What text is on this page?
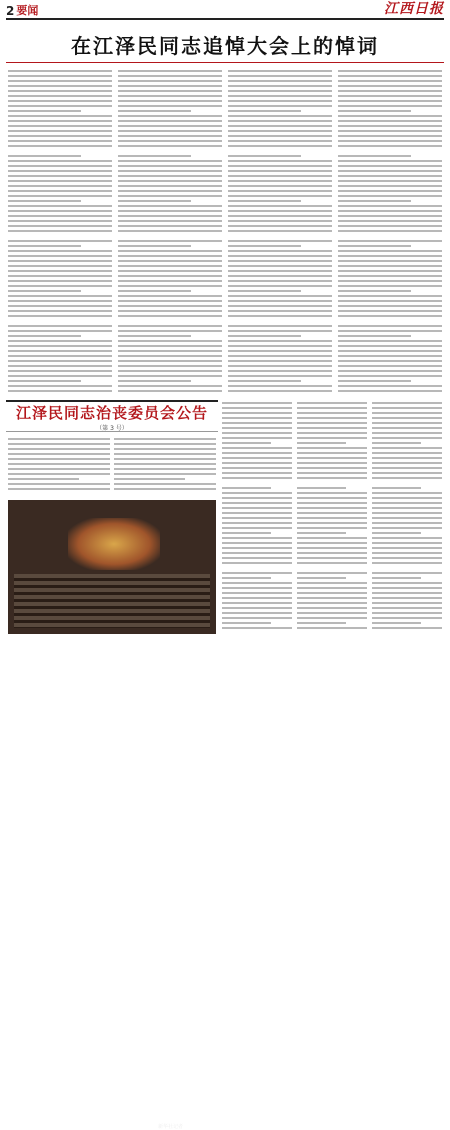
2 要闻	江西日报
在江泽民同志追悼大会上的悼词
江泽民同志治丧委员会公告
（第 3 号）
新华社记者
